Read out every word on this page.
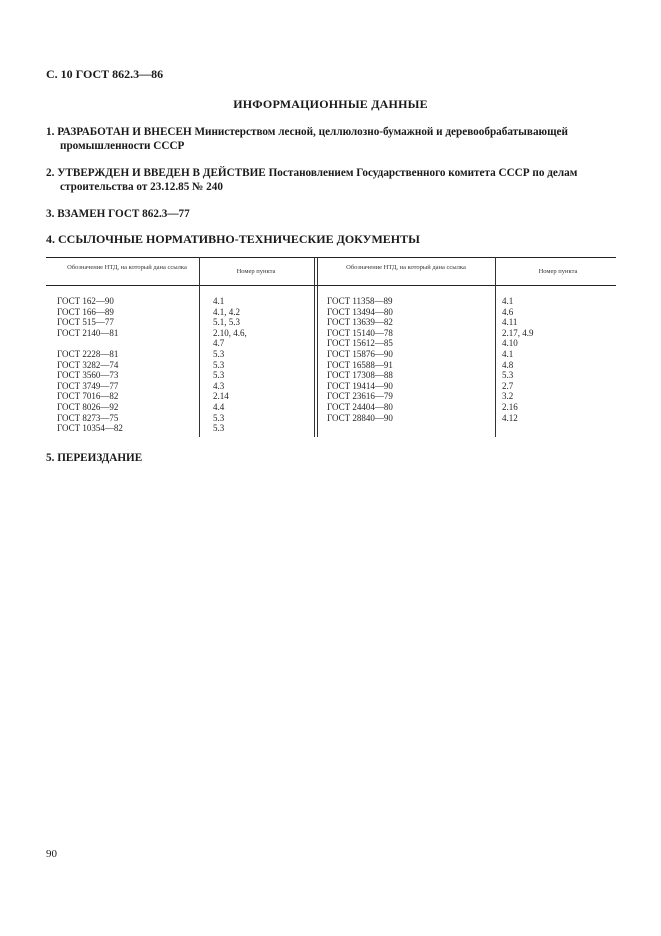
С. 10 ГОСТ 862.3—86
ИНФОРМАЦИОННЫЕ ДАННЫЕ
1. РАЗРАБОТАН И ВНЕСЕН Министерством лесной, целлюлозно-бумажной и деревообрабатывающей
промышленности СССР
2. УТВЕРЖДЕН И ВВЕДЕН В ДЕЙСТВИЕ Постановлением Государственного комитета СССР по делам
строительства от 23.12.85 № 240
3. ВЗАМЕН ГОСТ 862.3—77
4. ССЫЛОЧНЫЕ НОРМАТИВНО-ТЕХНИЧЕСКИЕ ДОКУМЕНТЫ
Обозначение НТД, на который дана ссылка
Номер пункта
Обозначение НТД, на который дана ссылка
Номер пункта
ГОСТ 162—90
ГОСТ 166—89
ГОСТ 515—77
ГОСТ 2140—81
ГОСТ 2228—81
ГОСТ 3282—74
ГОСТ 3560—73
ГОСТ 3749—77
ГОСТ 7016—82
ГОСТ 8026—92
ГОСТ 8273—75
ГОСТ 10354—82
4.1
4.1, 4.2
5.1, 5.3
2.10, 4.6,
4.7
5.3
5.3
5.3
4.3
2.14
4.4
5.3
5.3
ГОСТ 11358—89
ГОСТ 13494—80
ГОСТ 13639—82
ГОСТ 15140—78
ГОСТ 15612—85
ГОСТ 15876—90
ГОСТ 16588—91
ГОСТ 17308—88
ГОСТ 19414—90
ГОСТ 23616—79
ГОСТ 24404—80
ГОСТ 28840—90
4.1
4.6
4.11
2.17, 4.9
4.10
4.1
4.8
5.3
2.7
3.2
2.16
4.12
5. ПЕРЕИЗДАНИЕ
90
